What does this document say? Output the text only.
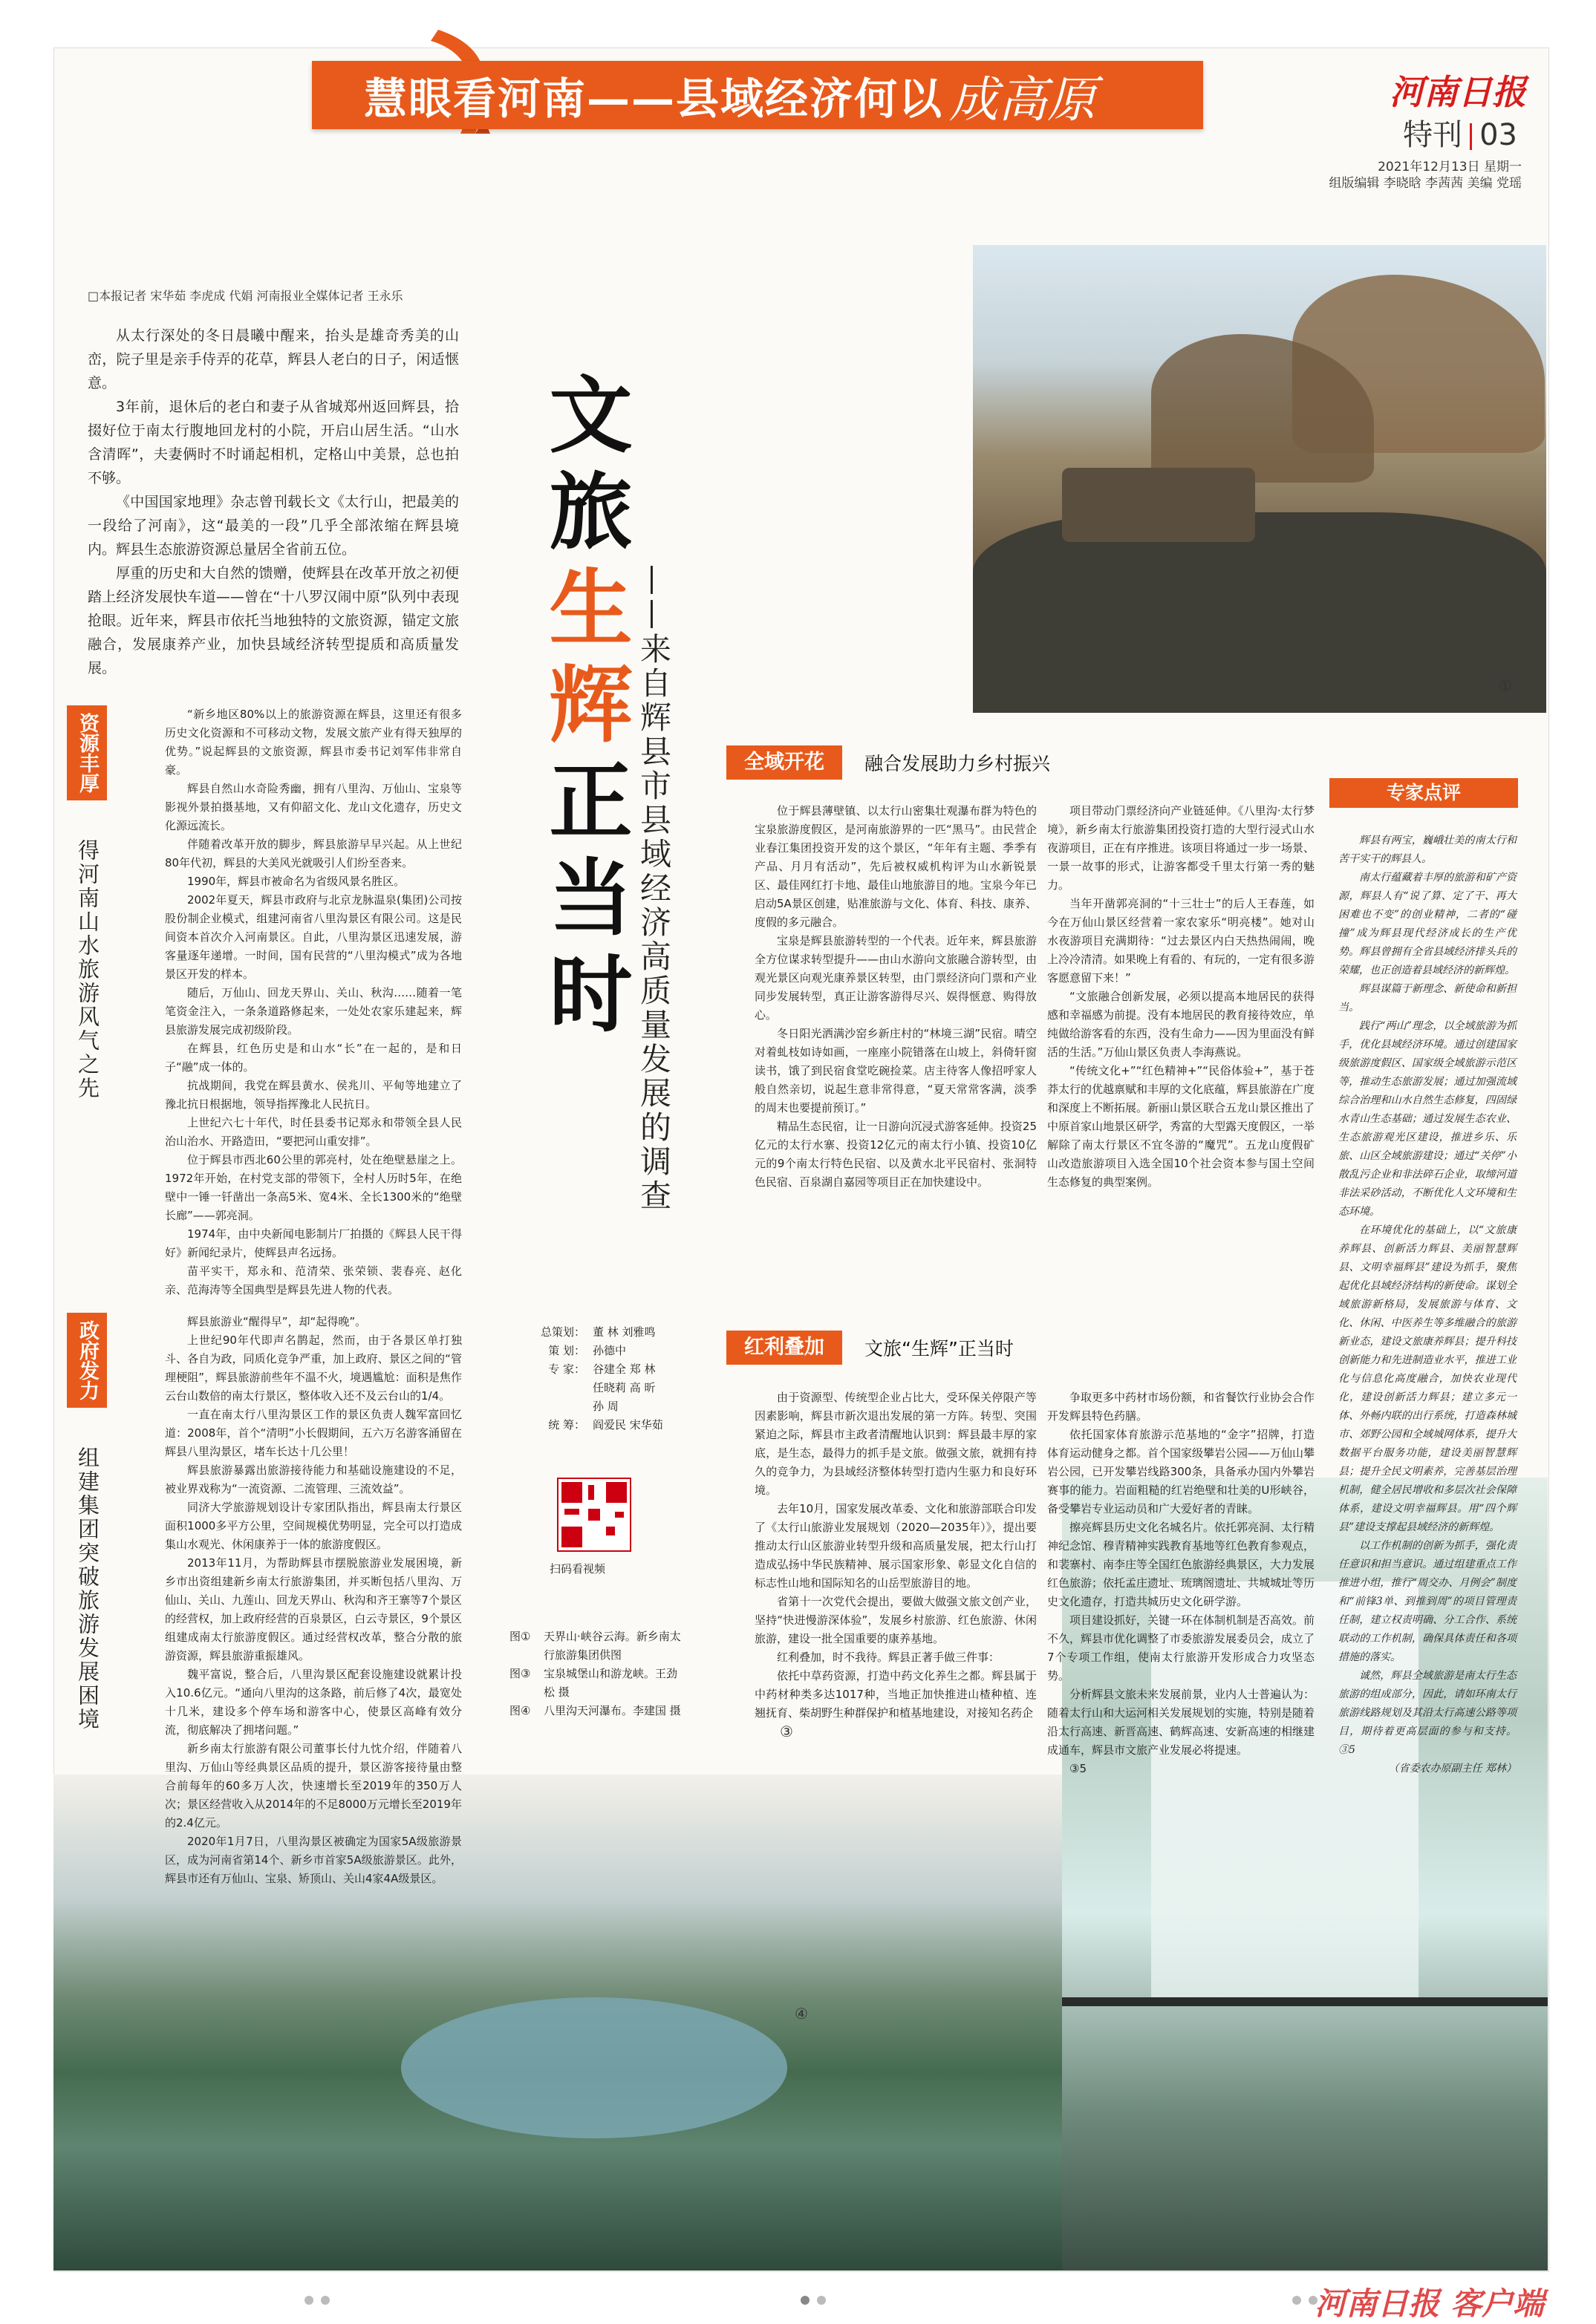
慧眼看河南——县域经济何以 成高原	河南日报
特刊 03
2021年12月13日 星期一
组版编辑 李晓晗 李茜茜 美编 党瑶
①
③
④
□本报记者 宋华茹 李虎成 代娟 河南报业全媒体记者 王永乐

从太行深处的冬日晨曦中醒来，抬头是雄奇秀美的山峦，院子里是亲手侍弄的花草，辉县人老白的日子，闲适惬意。

3年前，退休后的老白和妻子从省城郑州返回辉县，拾掇好位于南太行腹地回龙村的小院，开启山居生活。“山水含清晖”，夫妻俩时不时诵起相机，定格山中美景，总也拍不够。

《中国国家地理》杂志曾刊载长文《太行山，把最美的一段给了河南》，这“最美的一段”几乎全部浓缩在辉县境内。辉县生态旅游资源总量居全省前五位。

厚重的历史和大自然的馈赠，使辉县在改革开放之初便踏上经济发展快车道——曾在“十八罗汉闹中原”队列中表现抢眼。近年来，辉县市依托当地独特的文旅资源，锚定文旅融合，发展康养产业，加快县域经济转型提质和高质量发展。

文旅生辉正当时 ——来自辉县市县域经济高质量发展的调查
资源丰厚
得河南山水旅游风气之先

“新乡地区80%以上的旅游资源在辉县，这里还有很多历史文化资源和不可移动文物，发展文旅产业有得天独厚的优势。”说起辉县的文旅资源，辉县市委书记刘军伟非常自豪。

辉县自然山水奇险秀幽，拥有八里沟、万仙山、宝泉等影视外景拍摄基地，又有仰韶文化、龙山文化遗存，历史文化源远流长。

伴随着改革开放的脚步，辉县旅游早早兴起。从上世纪80年代初，辉县的大美风光就吸引人们纷至沓来。

1990年，辉县市被命名为省级风景名胜区。

2002年夏天，辉县市政府与北京龙脉温泉(集团)公司按股份制企业模式，组建河南省八里沟景区有限公司。这是民间资本首次介入河南景区。自此，八里沟景区迅速发展，游客量逐年递增。一时间，国有民营的“八里沟模式”成为各地景区开发的样本。

随后，万仙山、回龙天界山、关山、秋沟……随着一笔笔资金注入，一条条道路修起来，一处处农家乐建起来，辉县旅游发展完成初级阶段。

在辉县，红色历史是和山水“长”在一起的，是和日子“融”成一体的。

抗战期间，我党在辉县黄水、侯兆川、平甸等地建立了豫北抗日根据地，领导指挥豫北人民抗日。

上世纪六七十年代，时任县委书记郑永和带领全县人民治山治水、开路造田，“要把河山重安排”。

位于辉县市西北60公里的郭亮村，处在绝壁悬崖之上。1972年开始，在村党支部的带领下，全村人历时5年，在绝壁中一锤一钎凿出一条高5米、宽4米、全长1300米的“绝壁长廊”——郭亮洞。

1974年，由中央新闻电影制片厂拍摄的《辉县人民干得好》新闻纪录片，使辉县声名远扬。

苗平实干，郑永和、范清荣、张荣锁、裴春亮、赵化亲、范海涛等全国典型是辉县先进人物的代表。

政府发力
组建集团突破旅游发展困境

辉县旅游业“醒得早”，却“起得晚”。

上世纪90年代即声名鹊起，然而，由于各景区单打独斗、各自为政，同质化竞争严重，加上政府、景区之间的“管理梗阻”，辉县旅游前些年不温不火，境遇尴尬：面积是焦作云台山数倍的南太行景区，整体收入还不及云台山的1/4。

一直在南太行八里沟景区工作的景区负责人魏军富回忆道：2008年，首个“清明”小长假期间，五六万名游客涌留在辉县八里沟景区，堵车长达十几公里！

辉县旅游暴露出旅游接待能力和基础设施建设的不足，被业界戏称为“一流资源、二流管理、三流效益”。

同济大学旅游规划设计专家团队指出，辉县南太行景区面积1000多平方公里，空间规模优势明显，完全可以打造成集山水观光、休闲康养于一体的旅游度假区。

2013年11月，为帮助辉县市摆脱旅游业发展困境，新乡市出资组建新乡南太行旅游集团，并买断包括八里沟、万仙山、关山、九莲山、回龙天界山、秋沟和齐王寨等7个景区的经营权，加上政府经营的百泉景区，白云寺景区，9个景区组建成南太行旅游度假区。通过经营权改革，整合分散的旅游资源，辉县旅游重振雄风。

魏平富说，整合后，八里沟景区配套设施建设就累计投入10.6亿元。“通向八里沟的这条路，前后修了4次，最宽处十几米，建设多个停车场和游客中心，使景区高峰有效分流，彻底解决了拥堵问题。”

新乡南太行旅游有限公司董事长付九忱介绍，伴随着八里沟、万仙山等经典景区品质的提升，景区游客接待量由整合前每年的60多万人次，快速增长至2019年的350万人次；景区经营收入从2014年的不足8000万元增长至2019年的2.4亿元。

2020年1月7日，八里沟景区被确定为国家5A级旅游景区，成为河南省第14个、新乡市首家5A级旅游景区。此外，辉县市还有万仙山、宝泉、矫顶山、关山4家4A级景区。

总策划： 董 林 刘雅鸣
策 划： 孙德中
专 家： 谷建全 郑 林
任晓莉 高 昕
孙 周
统 筹： 阎爱民 宋华茹
扫码看视频
图①	天界山·峡谷云海。新乡南太行旅游集团供图
图③	宝泉城堡山和游龙峡。王劲松 摄
图④	八里沟天河瀑布。李建国 摄
全域开花	融合发展助力乡村振兴

位于辉县薄壁镇、以太行山密集壮观瀑布群为特色的宝泉旅游度假区，是河南旅游界的一匹“黑马”。由民营企业春江集团投资开发的这个景区，“年年有主题、季季有产品、月月有活动”，先后被权威机构评为山水新锐景区、最佳网红打卡地、最佳山地旅游目的地。宝泉今年已启动5A景区创建，贴准旅游与文化、体育、科技、康养、度假的多元融合。

宝泉是辉县旅游转型的一个代表。近年来，辉县旅游全方位谋求转型提升——由山水游向文旅融合游转型，由观光景区向观光康养景区转型，由门票经济向门票和产业同步发展转型，真正让游客游得尽兴、娱得惬意、购得放心。

冬日阳光洒满沙窑乡新庄村的“林境三湖”民宿。晴空对着虬枝如诗如画，一座座小院错落在山坡上，斜倚轩窗读书，饿了到民宿食堂吃碗捡菜。店主待客人像招呼家人般自然亲切，说起生意非常得意，“夏天常常客满，淡季的周末也要提前预订。”

精品生态民宿，让一日游向沉浸式游客延伸。投资25亿元的太行水寨、投资12亿元的南太行小镇、投资10亿元的9个南太行特色民宿、以及黄水北平民宿村、张洞特色民宿、百泉湖自嘉园等项目正在加快建设中。

项目带动门票经济向产业链延伸。《八里沟·太行梦境》，新乡南太行旅游集团投资打造的大型行浸式山水夜游项目，正在有序推进。该项目将通过一步一场景、一景一故事的形式，让游客都受千里太行第一秀的魅力。

当年开凿郭亮洞的“十三壮士”的后人王春莲，如今在万仙山景区经营着一家农家乐“明亮楼”。她对山水夜游项目充满期待：“过去景区内白天热热闹闹，晚上冷冷清清。如果晚上有看的、有玩的，一定有很多游客愿意留下来！”

“文旅融合创新发展，必须以提高本地居民的获得感和幸福感为前提。没有本地居民的教育接待效应，单纯做给游客看的东西，没有生命力——因为里面没有鲜活的生活。”万仙山景区负责人李海燕说。

“传统文化+”“红色精神+”“民俗体验+”，基于苍莽太行的优越禀赋和丰厚的文化底蕴，辉县旅游在广度和深度上不断拓展。新丽山景区联合五龙山景区推出了中原首家山地景区研学，秀富的大型露天度假区，一举解除了南太行景区不宜冬游的“魔咒”。五龙山度假矿山改造旅游项目入选全国10个社会资本参与国土空间生态修复的典型案例。

红利叠加	文旅“生辉”正当时

由于资源型、传统型企业占比大，受环保关停限产等因素影响，辉县市新次退出发展的第一方阵。转型、突围紧迫之际，辉县市主政者清醒地认识到：辉县最丰厚的家底，是生态，最得力的抓手是文旅。做强文旅，就拥有持久的竞争力，为县域经济整体转型打造内生驱力和良好环境。

去年10月，国家发展改革委、文化和旅游部联合印发了《太行山旅游业发展规划（2020—2035年）》，提出要推动太行山区旅游业转型升级和高质量发展，把太行山打造成弘扬中华民族精神、展示国家形象、彰显文化自信的标志性山地和国际知名的山岳型旅游目的地。

省第十一次党代会提出，要做大做强文旅文创产业，坚持“快进慢游深体验”，发展乡村旅游、红色旅游、休闲旅游，建设一批全国重要的康养基地。

红利叠加，时不我待。辉县正著手做三件事：

依托中草药资源，打造中药文化养生之都。辉县属于中药材种类多达1017种，当地正加快推进山楂种植、连翘抚育、柴胡野生种群保护和植基地建设，对接知名药企

争取更多中药材市场份额，和省餐饮行业协会合作开发辉县特色药膳。

依托国家体育旅游示范基地的“金字”招牌，打造体育运动健身之都。首个国家级攀岩公园——万仙山攀岩公园，已开发攀岩线路300条，具备承办国内外攀岩赛事的能力。岩面粗糙的红岩绝壁和壮美的U形峡谷，备受攀岩专业运动员和广大爱好者的青睐。

擦亮辉县历史文化名城名片。依托郭亮洞、太行精神纪念馆、穆青精神实践教育基地等红色教育参观点，和裴寨村、南李庄等全国红色旅游经典景区，大力发展红色旅游；依托孟庄遗址、琉璃阁遗址、共城城址等历史文化遗存，打造共城历史文化研学游。

项目建设抓好，关键一环在体制机制是否高效。前不久，辉县市优化调整了市委旅游发展委员会，成立了7个专项工作组，使南太行旅游开发形成合力攻坚态势。

分析辉县文旅未来发展前景，业内人士普遍认为：随着太行山和大运河相关发展规划的实施，特别是随着沿太行高速、新晋高速、鹤辉高速、安新高速的相继建成通车，辉县市文旅产业发展必将提速。

③5

专家点评

辉县有两宝，巍峨壮美的南太行和苦干实干的辉县人。

南太行蕴藏着丰厚的旅游和矿产资源，辉县人有“说了算、定了干、再大困难也不变”的创业精神，二者的“碰撞”成为辉县现代经济成长的生产优势。辉县曾拥有全省县域经济排头兵的荣耀，也正创造着县域经济的新辉煌。

辉县谋篇于新理念、新使命和新担当。

践行“两山”理念，以全域旅游为抓手，优化县域经济环境。通过创建国家级旅游度假区、国家级全域旅游示范区等，推动生态旅游发展；通过加强流域综合治理和山水自然生态修复，四固绿水青山生态基础；通过发展生态农业、生态旅游观光区建设，推进乡乐、乐旅、山区全域旅游建设；通过“关停”小散乱污企业和非法碎石企业，取缔河道非法采砂活动，不断优化人文环境和生态环境。

在环境优化的基础上，以“文旅康养辉县、创新活力辉县、美丽智慧辉县、文明幸福辉县”建设为抓手，聚焦起优化县域经济结构的新使命。谋划全域旅游新格局，发展旅游与体育、文化、休闲、中医养生等多维融合的旅游新业态，建设文旅康养辉县；提升科技创新能力和先进制造业水平，推进工业化与信息化高度融合，加快农业现代化，建设创新活力辉县；建立多元一体、外畅内联的出行系统，打造森林城市、郊野公园和全域城网体系，提升大数据平台服务功能，建设美丽智慧辉县；提升全民文明素养，完善基层治理机制，健全居民增收和多层次社会保障体系，建设文明幸福辉县。用“四个辉县”建设支撑起县域经济的新辉煌。

以工作机制的创新为抓手，强化责任意识和担当意识。通过组建重点工作推进小组，推行“周交办、月例会”制度和“前锋3单、到推到周”的项目管理责任制，建立权责明确、分工合作、系统联动的工作机制，确保具体责任和各项措施的落实。

诚然，辉县全域旅游是南太行生态旅游的组成部分，因此，请如环南太行旅游线路规划及其沿太行高速公路等项目，期待着更高层面的参与和支持。③5

（省委农办原副主任 郑林）

河南日报 客户端
